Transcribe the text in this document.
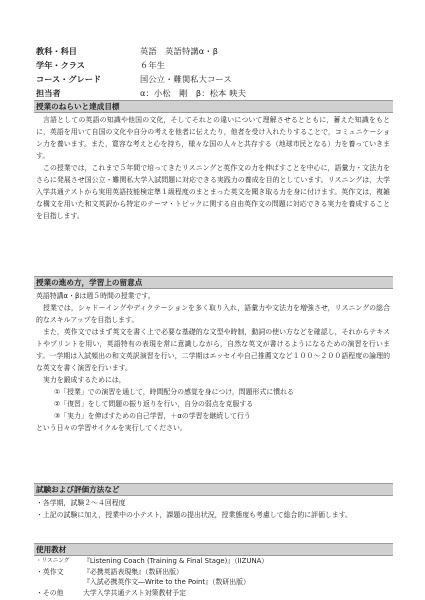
教科・科目	英語　英語特講α・β
学年・クラス	６年生
コース・グレード	国公立・難関私大コース
担当者	α：小松　剛　β：松本 映夫
授業のねらいと達成目標

言語としての英語の知識や他国の文化，そしてそれとの違いについて理解させるとともに，蓄えた知識をもとに，英語を用いて自国の文化や自分の考えを他者に伝えたり，他者を受け入れたりすることで，コミュニケーション力を養います。また，寛容な考えと心を持ち，様々な国の人々と共存する（地球市民となる）力を養っていきます。

この授業では，これまで５年間で培ってきたリスニングと英作文の力を伸ばすことを中心に，語彙力・文法力をさらに発展させ国公立・難関私大学入試問題に対応できる実践力の養成を目的としています。リスニングは，大学入学共通テストから実用英語技能検定準１級程度のまとまった英文を聞き取る力を身に付けます。英作文は，複雑な構文を用いた和文英訳から特定のテーマ・トピックに関する自由英作文の問題に対応できる実力を養成することを目指します。

授業の進め方，学習上の留意点

英語特講α・βは週５時間の授業です。

授業では，シャドーイングやディクテーションを多く取り入れ，語彙力や文法力を増強させ，リスニングの総合的なスキルアップを目指します。

また，英作文ではまず英文を書く上で必要な基礎的な文型や時制，動詞の使い方などを確認し，それからテキストやプリントを用い，英語特有の表現を常に意識しながら，自然な英文が書けるようになるための演習を行います。一学期は入試頻出の和文英訳演習を行い，二学期はエッセイや自己推薦文など１００～２００語程度の論理的な英文を書く演習を行います。

実力を鍛成するためには，

①「授業」での演習を通して，時間配分の感覚を身につけ，問題形式に慣れる

②「復習」をして問題の振り返りを行い，自分の弱点を克服する

③「実力」を伸ばすための自己学習，＋αの学習を継続して行う

という日々の学習サイクルを実行してください。

試験および評価方法など

・各学期，試験２～４回程度

・上記の試験に加え，授業中の小テスト，課題の提出状況，授業態度も考慮して総合的に評価します。

使用教材
・リスニング	『Listening Coach (Training & Final Stage)』（IIZUNA）
・英作文	『必携英語表現集』（数研出版）
『入試必携英作文―Write to the Point』（数研出版）
・その他	大学入学共通テスト対策教材予定
